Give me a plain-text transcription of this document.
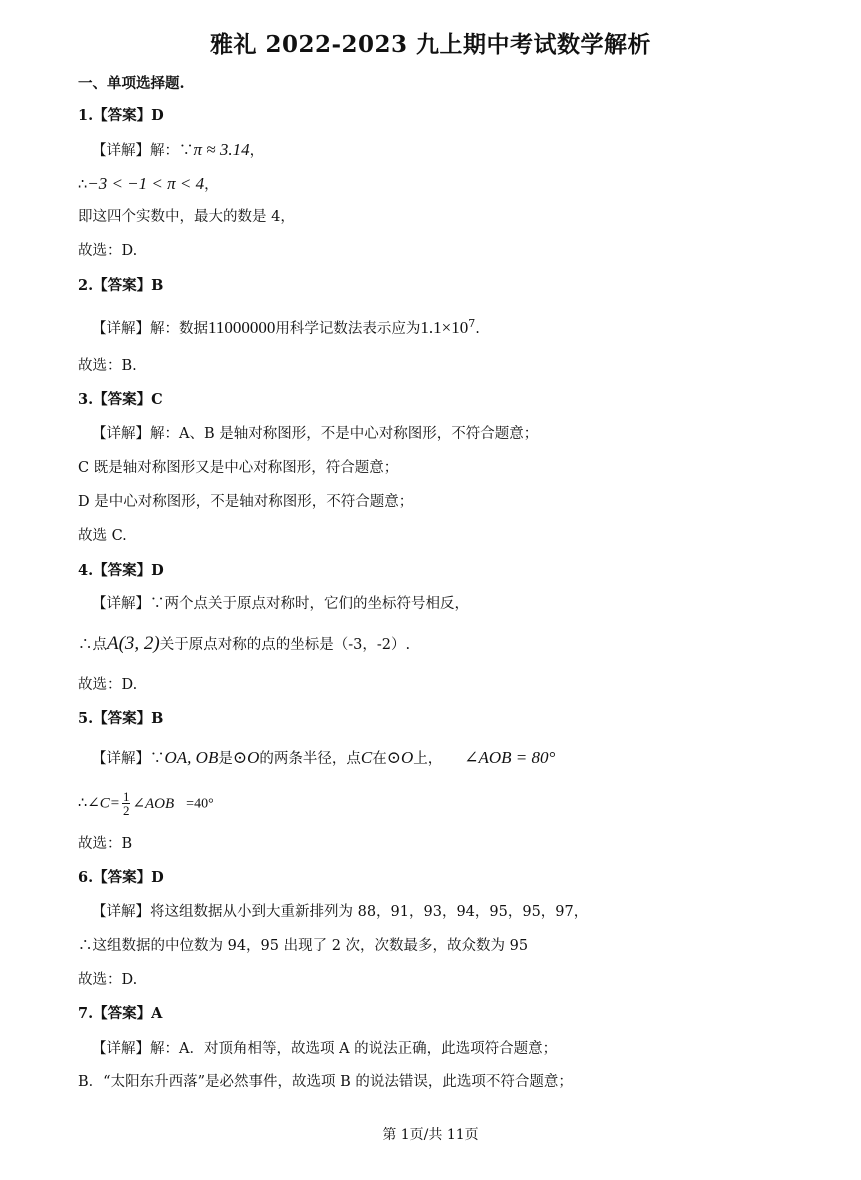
雅礼 2022-2023 九上期中考试数学解析
一、单项选择题.
1.【答案】D
【详解】解：∵π ≈ 3.14，
∴−3 < −1 < π < 4，
即这四个实数中，最大的数是 4，
故选：D.
2.【答案】B
【详解】解：数据11000000用科学记数法表示应为$1.1\times 10^7$.
故选：B.
3.【答案】C
【详解】解：A、B 是轴对称图形，不是中心对称图形，不符合题意；
C 既是轴对称图形又是中心对称图形，符合题意；
D 是中心对称图形，不是轴对称图形，不符合题意；
故选 C.
4.【答案】D
【详解】∵两个点关于原点对称时，它们的坐标符号相反，
∴点A(3, 2)关于原点对称的点的坐标是（-3，-2）.
故选：D.
5.【答案】B
【详解】∵OA, OB是⊙O的两条半径，点C在⊙O上， ∠AOB = 80°
∴∠C= $\frac{1}{2}$ ∠AOB =40°
故选：B
6.【答案】D
【详解】将这组数据从小到大重新排列为 88，91，93，94，95，95，97，
∴这组数据的中位数为 94，95 出现了 2 次，次数最多，故众数为 95
故选：D.
7.【答案】A
【详解】解：A．对顶角相等，故选项 A 的说法正确，此选项符合题意；
B．“太阳东升西落”是必然事件，故选项 B 的说法错误，此选项不符合题意；
第 1页/共 11页
